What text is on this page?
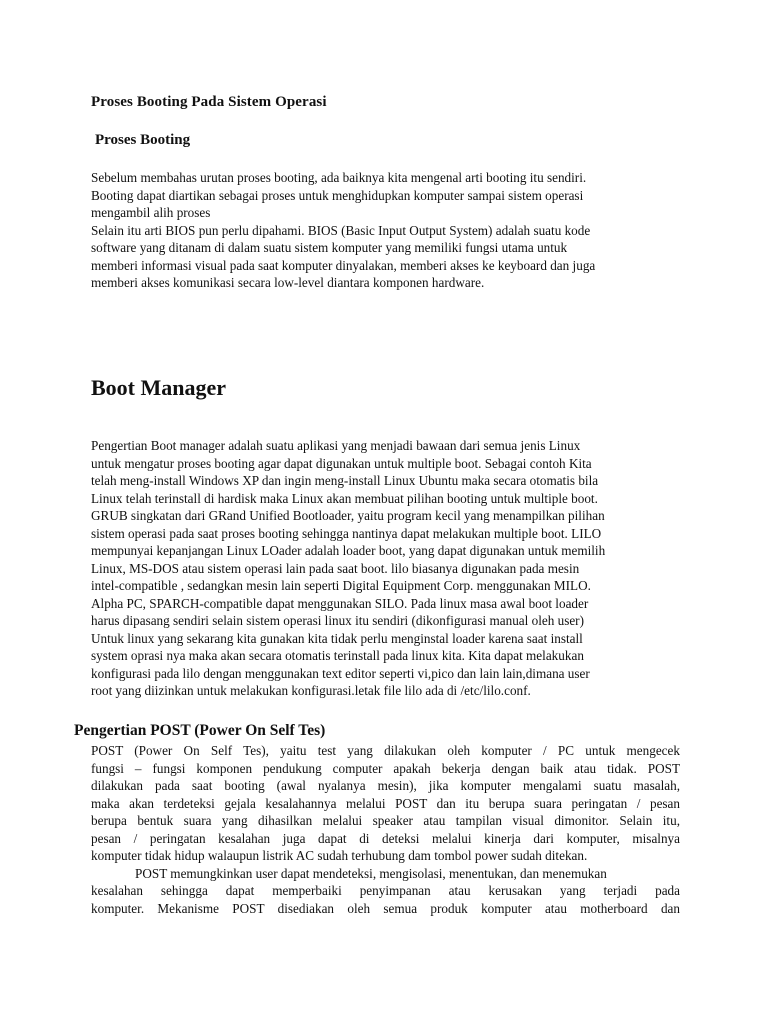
Proses Booting Pada Sistem Operasi
Proses Booting
Sebelum membahas urutan proses booting, ada baiknya kita mengenal arti booting itu sendiri.
Booting dapat diartikan sebagai proses untuk menghidupkan komputer sampai sistem operasi
mengambil alih proses
Selain itu arti BIOS pun perlu dipahami. BIOS (Basic Input Output System) adalah suatu kode
software yang ditanam di dalam suatu sistem komputer yang memiliki fungsi utama untuk
memberi informasi visual pada saat komputer dinyalakan, memberi akses ke keyboard dan juga
memberi akses komunikasi secara low-level diantara komponen hardware.
Boot Manager
Pengertian Boot manager adalah suatu aplikasi yang menjadi bawaan dari semua jenis Linux
untuk mengatur proses booting agar dapat digunakan untuk multiple boot. Sebagai contoh Kita
telah meng-install Windows XP dan ingin meng-install Linux Ubuntu maka secara otomatis bila
Linux telah terinstall di hardisk maka Linux akan membuat pilihan booting untuk multiple boot.
GRUB singkatan dari GRand Unified Bootloader, yaitu program kecil yang menampilkan pilihan
sistem operasi pada saat proses booting sehingga nantinya dapat melakukan multiple boot. LILO
mempunyai kepanjangan Linux LOader adalah loader boot, yang dapat digunakan untuk memilih
Linux, MS-DOS atau sistem operasi lain pada saat boot. lilo biasanya digunakan pada mesin
intel-compatible , sedangkan mesin lain seperti Digital Equipment Corp. menggunakan MILO.
Alpha PC, SPARCH-compatible dapat menggunakan SILO. Pada linux masa awal boot loader
harus dipasang sendiri selain sistem operasi linux itu sendiri (dikonfigurasi manual oleh user)
Untuk linux yang sekarang kita gunakan kita tidak perlu menginstal loader karena saat install
system oprasi nya maka akan secara otomatis terinstall pada linux kita. Kita dapat melakukan
konfigurasi pada lilo dengan menggunakan text editor seperti vi,pico dan lain lain,dimana user
root yang diizinkan untuk melakukan konfigurasi.letak file lilo ada di /etc/lilo.conf.
Pengertian POST (Power On Self Tes)
POST (Power On Self Tes), yaitu test yang dilakukan oleh komputer / PC untuk mengecek
fungsi – fungsi komponen pendukung computer apakah bekerja dengan baik atau tidak. POST
dilakukan pada saat booting (awal nyalanya mesin), jika komputer mengalami suatu masalah,
maka akan terdeteksi gejala kesalahannya melalui POST dan itu berupa suara peringatan / pesan
berupa bentuk suara yang dihasilkan melalui speaker atau tampilan visual dimonitor. Selain itu,
pesan / peringatan kesalahan juga dapat di deteksi melalui kinerja dari komputer, misalnya
komputer tidak hidup walaupun listrik AC sudah terhubung dam tombol power sudah ditekan.
POST memungkinkan user dapat mendeteksi, mengisolasi, menentukan, dan menemukan
kesalahan sehingga dapat memperbaiki penyimpanan atau kerusakan yang terjadi pada
komputer. Mekanisme POST disediakan oleh semua produk komputer atau motherboard dan
